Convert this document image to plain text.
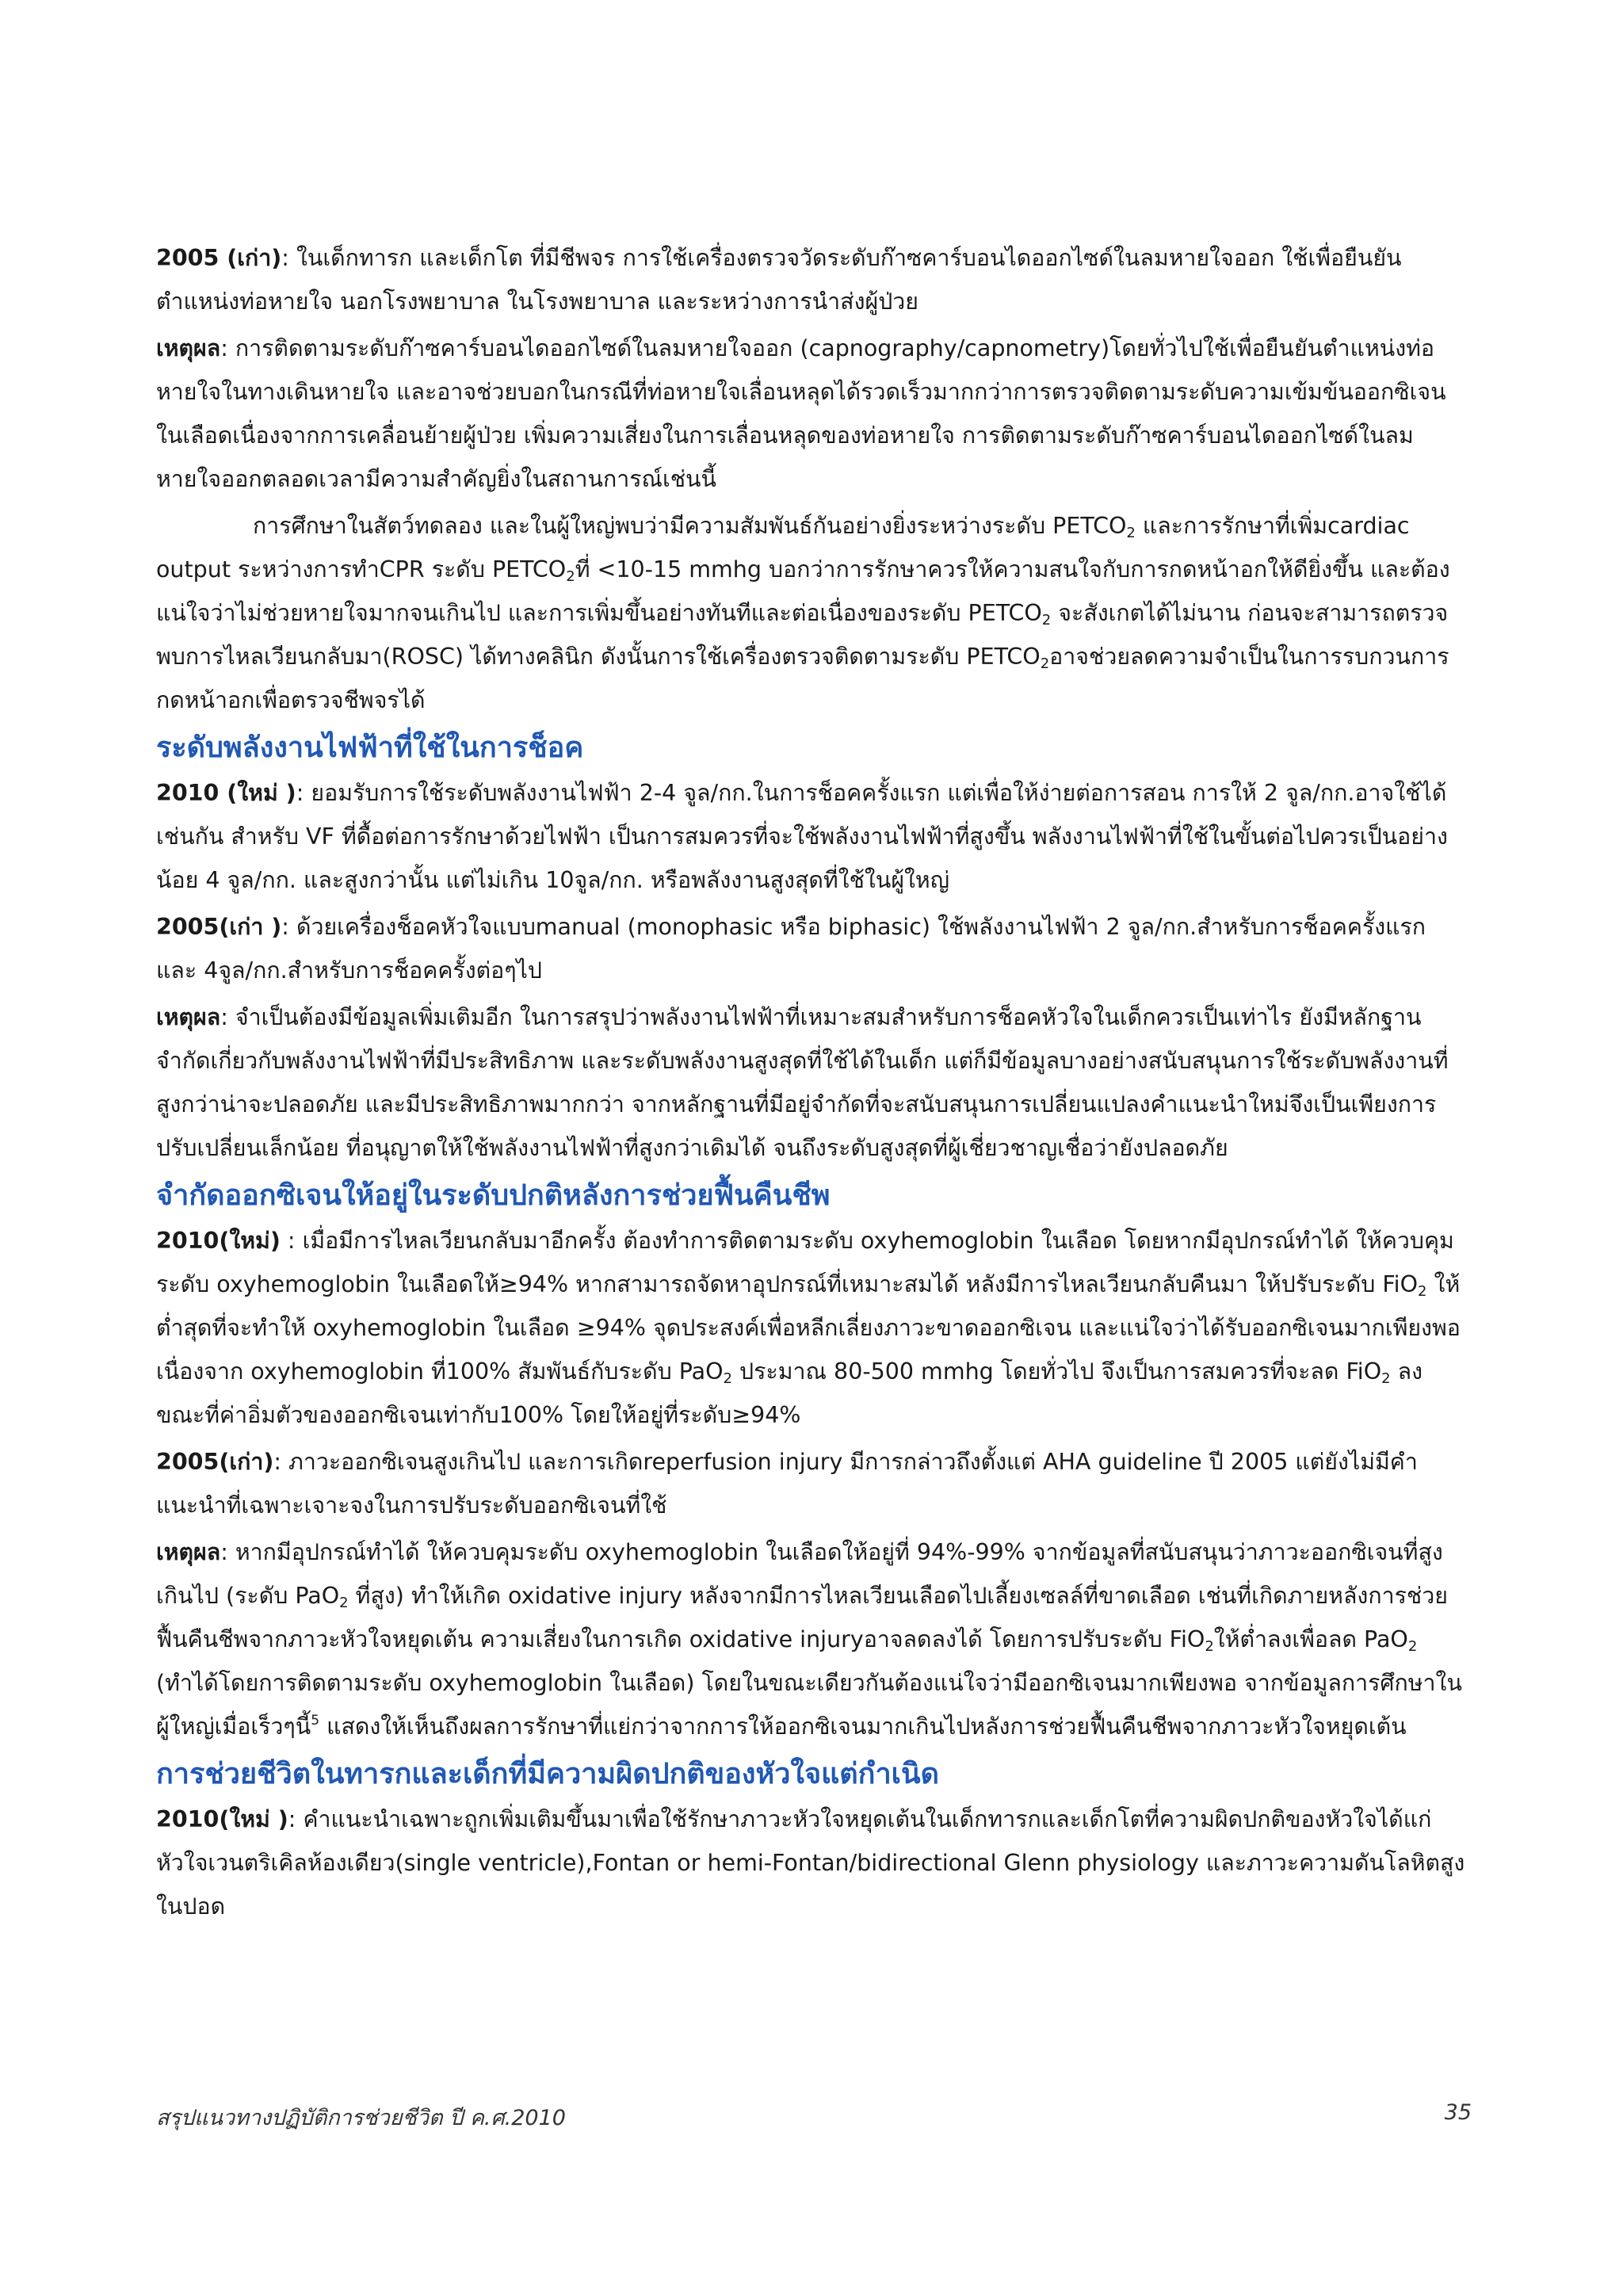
2005 (เก่า): ในเด็กทารก และเด็กโต ที่มีชีพจร การใช้เครื่องตรวจวัดระดับก๊าซคาร์บอนไดออกไซด์ในลมหายใจออก ใช้เพื่อยืนยันตำแหน่งท่อหายใจ นอกโรงพยาบาล ในโรงพยาบาล และระหว่างการนำส่งผู้ป่วย

เหตุผล: การติดตามระดับก๊าซคาร์บอนไดออกไซด์ในลมหายใจออก (capnography/capnometry)โดยทั่วไปใช้เพื่อยืนยันตำแหน่งท่อหายใจในทางเดินหายใจ และอาจช่วยบอกในกรณีที่ท่อหายใจเลื่อนหลุดได้รวดเร็วมากกว่าการตรวจติดตามระดับความเข้มข้นออกซิเจนในเลือดเนื่องจากการเคลื่อนย้ายผู้ป่วย เพิ่มความเสี่ยงในการเลื่อนหลุดของท่อหายใจ การติดตามระดับก๊าซคาร์บอนไดออกไซด์ในลมหายใจออกตลอดเวลามีความสำคัญยิ่งในสถานการณ์เช่นนี้

การศึกษาในสัตว์ทดลอง และในผู้ใหญ่พบว่ามีความสัมพันธ์กันอย่างยิ่งระหว่างระดับ $PETCO_2$ และการรักษาที่เพิ่มcardiac output ระหว่างการทำCPR ระดับ $PETCO_2$ที่ <10-15 mmhg บอกว่าการรักษาควรให้ความสนใจกับการกดหน้าอกให้ดียิ่งขึ้น และต้องแน่ใจว่าไม่ช่วยหายใจมากจนเกินไป และการเพิ่มขึ้นอย่างทันทีและต่อเนื่องของระดับ $PETCO_2$ จะสังเกตได้ไม่นาน ก่อนจะสามารถตรวจพบการไหลเวียนกลับมา(ROSC) ได้ทางคลินิก ดังนั้นการใช้เครื่องตรวจติดตามระดับ $PETCO_2$อาจช่วยลดความจำเป็นในการรบกวนการกดหน้าอกเพื่อตรวจชีพจรได้

ระดับพลังงานไฟฟ้าที่ใช้ในการช็อค

2010 (ใหม่ ): ยอมรับการใช้ระดับพลังงานไฟฟ้า 2-4 จูล/กก.ในการช็อคครั้งแรก แต่เพื่อให้ง่ายต่อการสอน การให้ 2 จูล/กก.อาจใช้ได้เช่นกัน สำหรับ VF ที่ดื้อต่อการรักษาด้วยไฟฟ้า เป็นการสมควรที่จะใช้พลังงานไฟฟ้าที่สูงขึ้น พลังงานไฟฟ้าที่ใช้ในขั้นต่อไปควรเป็นอย่างน้อย 4 จูล/กก. และสูงกว่านั้น แต่ไม่เกิน 10จูล/กก. หรือพลังงานสูงสุดที่ใช้ในผู้ใหญ่

2005(เก่า ): ด้วยเครื่องช็อคหัวใจแบบmanual (monophasic หรือ biphasic) ใช้พลังงานไฟฟ้า 2 จูล/กก.สำหรับการช็อคครั้งแรก และ 4จูล/กก.สำหรับการช็อคครั้งต่อๆไป

เหตุผล: จำเป็นต้องมีข้อมูลเพิ่มเติมอีก ในการสรุปว่าพลังงานไฟฟ้าที่เหมาะสมสำหรับการช็อคหัวใจในเด็กควรเป็นเท่าไร ยังมีหลักฐานจำกัดเกี่ยวกับพลังงานไฟฟ้าที่มีประสิทธิภาพ และระดับพลังงานสูงสุดที่ใช้ได้ในเด็ก แต่ก็มีข้อมูลบางอย่างสนับสนุนการใช้ระดับพลังงานที่สูงกว่าน่าจะปลอดภัย และมีประสิทธิภาพมากกว่า จากหลักฐานที่มีอยู่จำกัดที่จะสนับสนุนการเปลี่ยนแปลงคำแนะนำใหม่จึงเป็นเพียงการปรับเปลี่ยนเล็กน้อย ที่อนุญาตให้ใช้พลังงานไฟฟ้าที่สูงกว่าเดิมได้ จนถึงระดับสูงสุดที่ผู้เชี่ยวชาญเชื่อว่ายังปลอดภัย

จำกัดออกซิเจนให้อยู่ในระดับปกติหลังการช่วยฟื้นคืนชีพ

2010(ใหม่) : เมื่อมีการไหลเวียนกลับมาอีกครั้ง ต้องทำการติดตามระดับ oxyhemoglobin ในเลือด โดยหากมีอุปกรณ์ทำได้ ให้ควบคุมระดับ oxyhemoglobin ในเลือดให้≥94% หากสามารถจัดหาอุปกรณ์ที่เหมาะสมได้ หลังมีการไหลเวียนกลับคืนมา ให้ปรับระดับ FiO$_2$ ให้ต่ำสุดที่จะทำให้ oxyhemoglobin ในเลือด ≥94% จุดประสงค์เพื่อหลีกเลี่ยงภาวะขาดออกซิเจน และแน่ใจว่าได้รับออกซิเจนมากเพียงพอ เนื่องจาก oxyhemoglobin ที่100% สัมพันธ์กับระดับ PaO$_2$ ประมาณ 80-500 mmhg โดยทั่วไป จึงเป็นการสมควรที่จะลด FiO$_2$ ลง ขณะที่ค่าอิ่มตัวของออกซิเจนเท่ากับ100% โดยให้อยู่ที่ระดับ≥94%

2005(เก่า): ภาวะออกซิเจนสูงเกินไป และการเกิดreperfusion injury มีการกล่าวถึงตั้งแต่ AHA guideline ปี 2005 แต่ยังไม่มีคำแนะนำที่เฉพาะเจาะจงในการปรับระดับออกซิเจนที่ใช้

เหตุผล: หากมีอุปกรณ์ทำได้ ให้ควบคุมระดับ oxyhemoglobin ในเลือดให้อยู่ที่ 94%-99% จากข้อมูลที่สนับสนุนว่าภาวะออกซิเจนที่สูงเกินไป (ระดับ PaO$_2$ ที่สูง) ทำให้เกิด oxidative injury หลังจากมีการไหลเวียนเลือดไปเลี้ยงเซลล์ที่ขาดเลือด เช่นที่เกิดภายหลังการช่วยฟื้นคืนชีพจากภาวะหัวใจหยุดเต้น ความเสี่ยงในการเกิด oxidative injuryอาจลดลงได้ โดยการปรับระดับ FiO$_2$ให้ต่ำลงเพื่อลด PaO$_2$ (ทำได้โดยการติดตามระดับ oxyhemoglobin ในเลือด) โดยในขณะเดียวกันต้องแน่ใจว่ามีออกซิเจนมากเพียงพอ จากข้อมูลการศึกษาในผู้ใหญ่เมื่อเร็วๆนี้$^5$ แสดงให้เห็นถึงผลการรักษาที่แย่กว่าจากการให้ออกซิเจนมากเกินไปหลังการช่วยฟื้นคืนชีพจากภาวะหัวใจหยุดเต้น

การช่วยชีวิตในทารกและเด็กที่มีความผิดปกติของหัวใจแต่กำเนิด

2010(ใหม่ ): คำแนะนำเฉพาะถูกเพิ่มเติมขึ้นมาเพื่อใช้รักษาภาวะหัวใจหยุดเต้นในเด็กทารกและเด็กโตที่ความผิดปกติของหัวใจได้แก่ หัวใจเวนตริเคิลห้องเดียว(single ventricle),Fontan or hemi-Fontan/bidirectional Glenn physiology และภาวะความดันโลหิตสูงในปอด

สรุปแนวทางปฏิบัติการช่วยชีวิต ปี ค.ศ.2010	35
